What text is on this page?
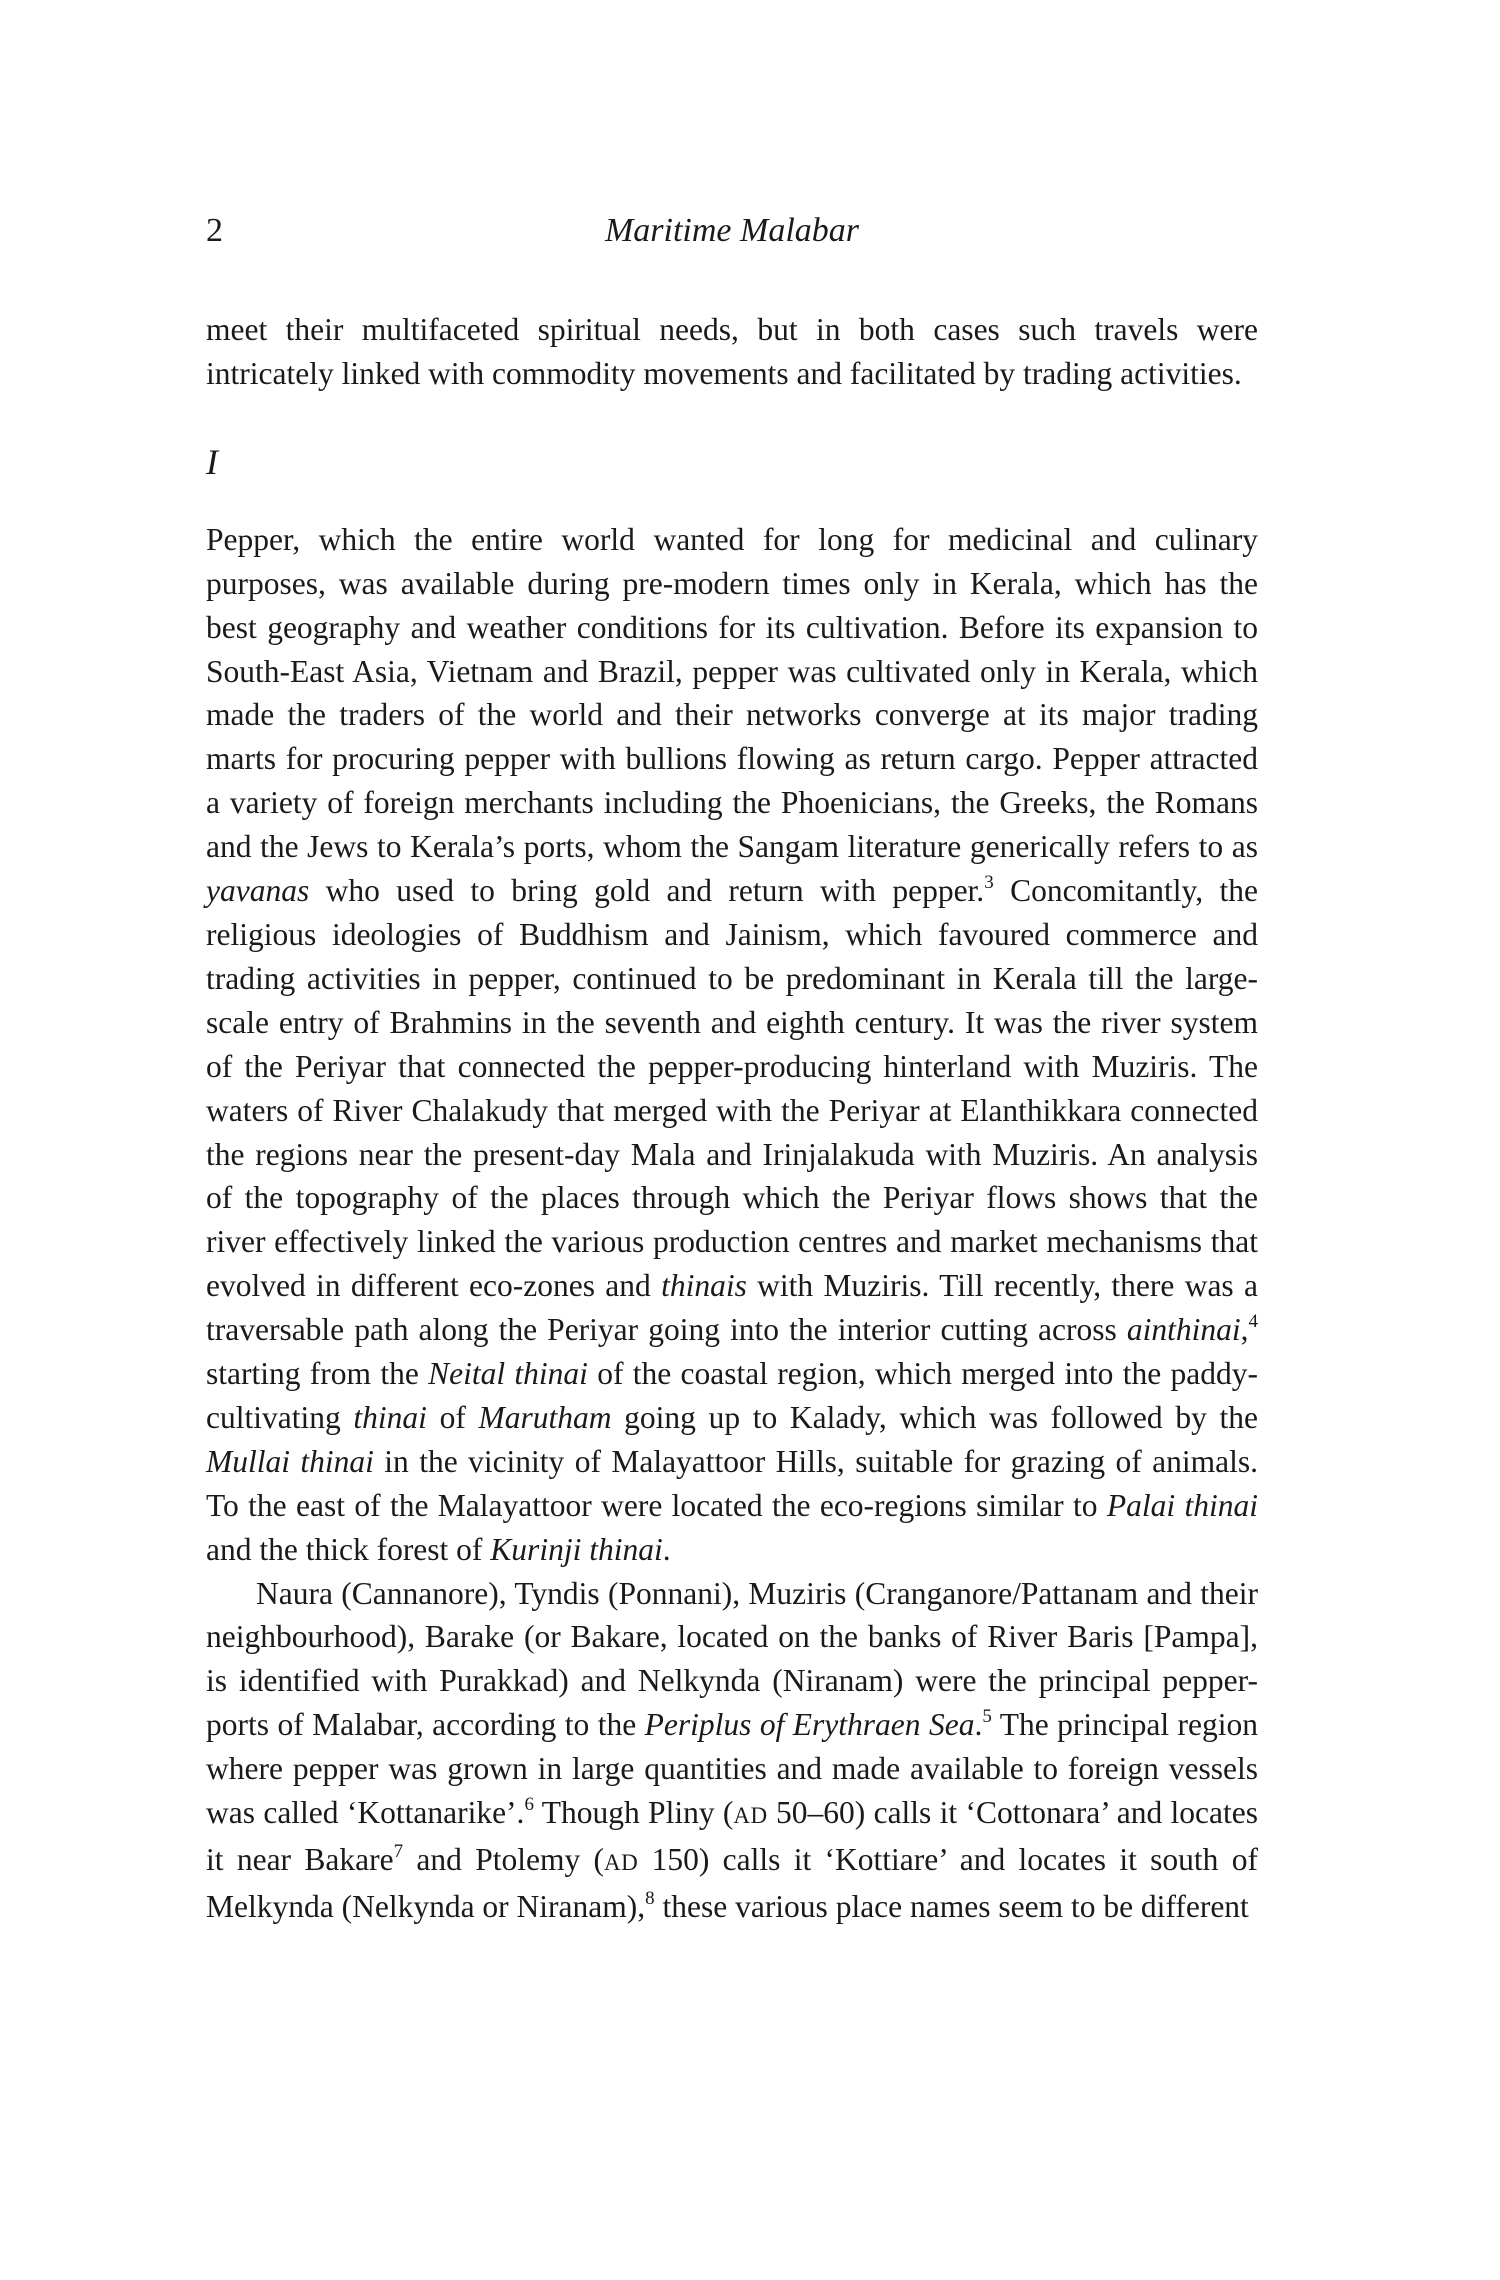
2	Maritime Malabar

meet their multifaceted spiritual needs, but in both cases such travels were intricately linked with commodity movements and facilitated by trading activities.

I

Pepper, which the entire world wanted for long for medicinal and culinary purposes, was available during pre-modern times only in Kerala, which has the best geography and weather conditions for its cultivation. Before its expansion to South-East Asia, Vietnam and Brazil, pepper was cultivated only in Kerala, which made the traders of the world and their networks converge at its major trading marts for procuring pepper with bullions flowing as return cargo. Pepper attracted a variety of foreign merchants including the Phoenicians, the Greeks, the Romans and the Jews to Kerala’s ports, whom the Sangam literature generically refers to as yavanas who used to bring gold and return with pepper.$^3$ Concomitantly, the religious ideologies of Buddhism and Jainism, which favoured commerce and trading activities in pepper, continued to be predominant in Kerala till the large-scale entry of Brahmins in the seventh and eighth century. It was the river system of the Periyar that connected the pepper-producing hinterland with Muziris. The waters of River Chalakudy that merged with the Periyar at Elanthikkara connected the regions near the present-day Mala and Irinjalakuda with Muziris. An analysis of the topography of the places through which the Periyar flows shows that the river effectively linked the various production centres and market mechanisms that evolved in different eco-zones and thinais with Muziris. Till recently, there was a traversable path along the Periyar going into the interior cutting across ainthinai,$^4$ starting from the Neital thinai of the coastal region, which merged into the paddy-cultivating thinai of Marutham going up to Kalady, which was followed by the Mullai thinai in the vicinity of Malayattoor Hills, suitable for grazing of animals. To the east of the Malayattoor were located the eco-regions similar to Palai thinai and the thick forest of Kurinji thinai.

Naura (Cannanore), Tyndis (Ponnani), Muziris (Cranganore/Pattanam and their neighbourhood), Barake (or Bakare, located on the banks of River Baris [Pampa], is identified with Purakkad) and Nelkynda (Niranam) were the principal pepper-ports of Malabar, according to the Periplus of Erythraen Sea.$^5$ The principal region where pepper was grown in large quantities and made available to foreign vessels was called ‘Kottanarike’.$^6$ Though Pliny (AD 50–60) calls it ‘Cottonara’ and locates it near Bakare$^7$ and Ptolemy (AD 150) calls it ‘Kottiare’ and locates it south of Melkynda (Nelkynda or Niranam),$^8$ these various place names seem to be different
